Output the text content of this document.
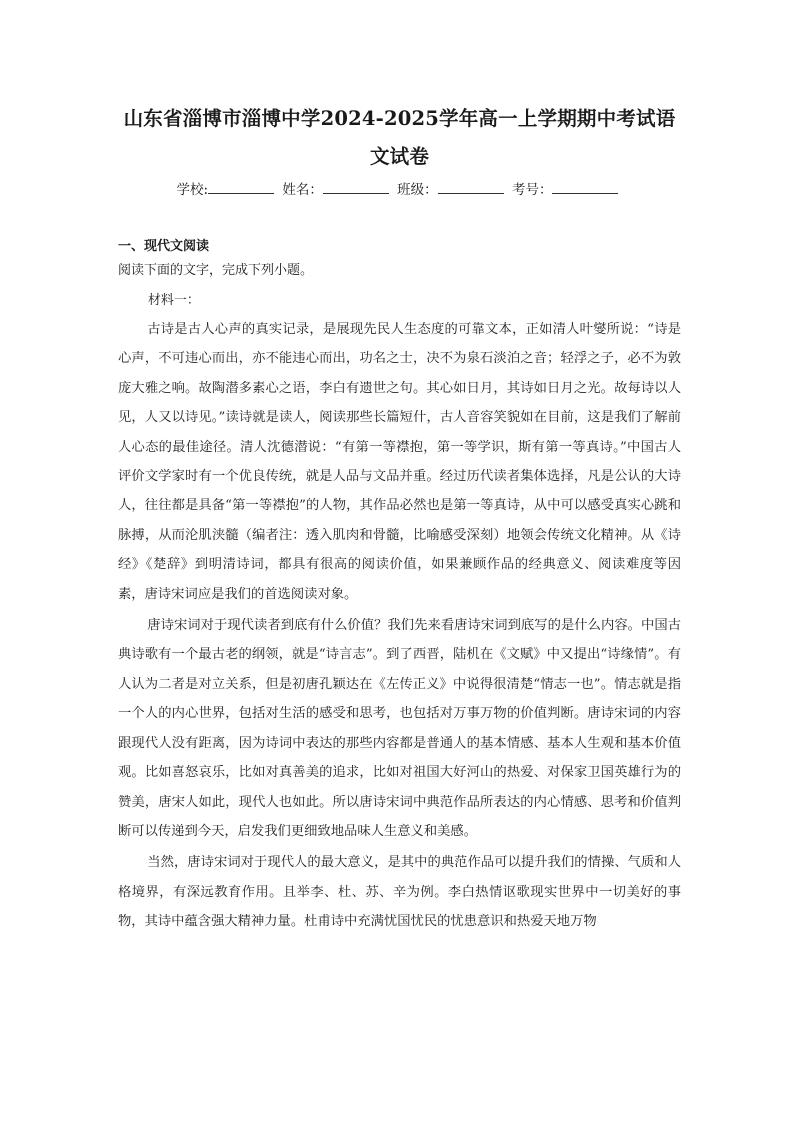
山东省淄博市淄博中学2024-2025学年高一上学期期中考试语
文试卷
学校:	姓名：	班级：	考号：
一、现代文阅读
阅读下面的文字，完成下列小题。
材料一：

古诗是古人心声的真实记录，是展现先民人生态度的可靠文本，正如清人叶燮所说：“诗是心声，不可违心而出，亦不能违心而出，功名之士，决不为泉石淡泊之音；轻浮之子，必不为敦庞大雅之响。故陶潜多素心之语，李白有遗世之句。其心如日月，其诗如日月之光。故每诗以人见，人又以诗见。”读诗就是读人，阅读那些长篇短什，古人音容笑貌如在目前，这是我们了解前人心态的最佳途径。清人沈德潜说：“有第一等襟抱，第一等学识，斯有第一等真诗。”中国古人评价文学家时有一个优良传统，就是人品与文品并重。经过历代读者集体选择，凡是公认的大诗人，往往都是具备“第一等襟抱”的人物，其作品必然也是第一等真诗，从中可以感受真实心跳和脉搏，从而沦肌浃髓（编者注：透入肌肉和骨髓，比喻感受深刻）地领会传统文化精神。从《诗经》《楚辞》到明清诗词，都具有很高的阅读价值，如果兼顾作品的经典意义、阅读难度等因素，唐诗宋词应是我们的首选阅读对象。

唐诗宋词对于现代读者到底有什么价值？我们先来看唐诗宋词到底写的是什么内容。中国古典诗歌有一个最古老的纲领，就是“诗言志”。到了西晋，陆机在《文赋》中又提出“诗缘情”。有人认为二者是对立关系，但是初唐孔颖达在《左传正义》中说得很清楚“情志一也”。情志就是指一个人的内心世界，包括对生活的感受和思考，也包括对万事万物的价值判断。唐诗宋词的内容跟现代人没有距离，因为诗词中表达的那些内容都是普通人的基本情感、基本人生观和基本价值观。比如喜怒哀乐，比如对真善美的追求，比如对祖国大好河山的热爱、对保家卫国英雄行为的赞美，唐宋人如此，现代人也如此。所以唐诗宋词中典范作品所表达的内心情感、思考和价值判断可以传递到今天，启发我们更细致地品味人生意义和美感。

当然，唐诗宋词对于现代人的最大意义，是其中的典范作品可以提升我们的情操、气质和人格境界，有深远教育作用。且举李、杜、苏、辛为例。李白热情讴歌现实世界中一切美好的事物，其诗中蕴含强大精神力量。杜甫诗中充满忧国忧民的忧患意识和热爱天地万物
